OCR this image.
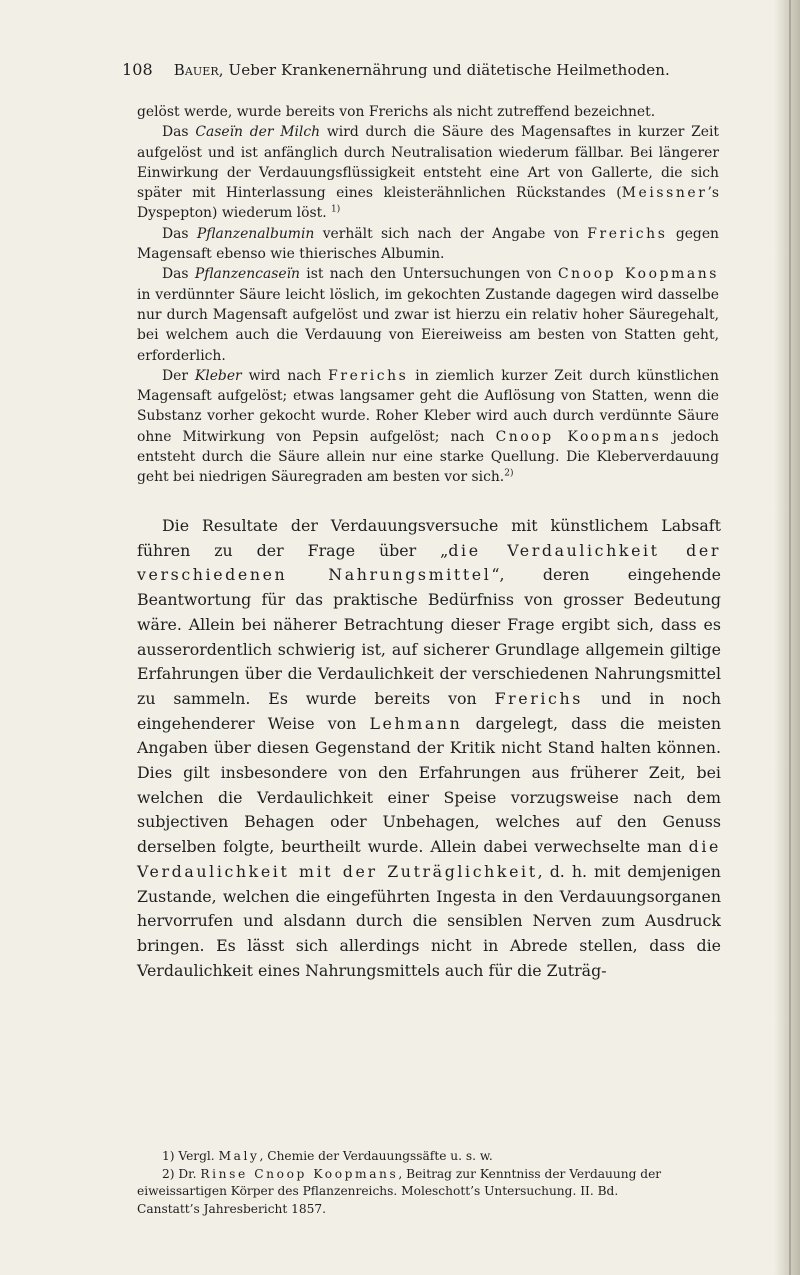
108 Bauer, Ueber Krankenernährung und diätetische Heilmethoden.

gelöst werde, wurde bereits von Frerichs als nicht zutreffend bezeichnet.

Das Caseïn der Milch wird durch die Säure des Magensaftes in kurzer Zeit aufgelöst und ist anfänglich durch Neutralisation wiederum fällbar. Bei längerer Einwirkung der Verdauungsflüssigkeit entsteht eine Art von Gallerte, die sich später mit Hinterlassung eines kleisterähnlichen Rückstandes (Meissner’s Dyspepton) wiederum löst. $^{1)}$

Das Pflanzenalbumin verhält sich nach der Angabe von Frerichs gegen Magensaft ebenso wie thierisches Albumin.

Das Pflanzencaseïn ist nach den Untersuchungen von Cnoop Koopmans in verdünnter Säure leicht löslich, im gekochten Zustande dagegen wird dasselbe nur durch Magensaft aufgelöst und zwar ist hierzu ein relativ hoher Säuregehalt, bei welchem auch die Verdauung von Eiereiweiss am besten von Statten geht, erforderlich.

Der Kleber wird nach Frerichs in ziemlich kurzer Zeit durch künstlichen Magensaft aufgelöst; etwas langsamer geht die Auflösung von Statten, wenn die Substanz vorher gekocht wurde. Roher Kleber wird auch durch verdünnte Säure ohne Mitwirkung von Pepsin aufgelöst; nach Cnoop Koopmans jedoch entsteht durch die Säure allein nur eine starke Quellung. Die Kleberverdauung geht bei niedrigen Säuregraden am besten vor sich.$^{2)}$

Die Resultate der Verdauungsversuche mit künstlichem Labsaft führen zu der Frage über „die Verdaulichkeit der verschiedenen Nahrungsmittel“, deren eingehende Beantwortung für das praktische Bedürfniss von grosser Bedeutung wäre. Allein bei näherer Betrachtung dieser Frage ergibt sich, dass es ausserordentlich schwierig ist, auf sicherer Grundlage allgemein giltige Erfahrungen über die Verdaulichkeit der verschiedenen Nahrungsmittel zu sammeln. Es wurde bereits von Frerichs und in noch eingehenderer Weise von Lehmann dargelegt, dass die meisten Angaben über diesen Gegenstand der Kritik nicht Stand halten können. Dies gilt insbesondere von den Erfahrungen aus früherer Zeit, bei welchen die Verdaulichkeit einer Speise vorzugsweise nach dem subjectiven Behagen oder Unbehagen, welches auf den Genuss derselben folgte, beurtheilt wurde. Allein dabei verwechselte man die Verdaulichkeit mit der Zuträglichkeit, d. h. mit demjenigen Zustande, welchen die eingeführten Ingesta in den Verdauungsorganen hervorrufen und alsdann durch die sensiblen Nerven zum Ausdruck bringen. Es lässt sich allerdings nicht in Abrede stellen, dass die Verdaulichkeit eines Nahrungsmittels auch für die Zuträg-

1) Vergl. Maly, Chemie der Verdauungssäfte u. s. w.

2) Dr. Rinse Cnoop Koopmans, Beitrag zur Kenntniss der Verdauung der eiweissartigen Körper des Pflanzenreichs. Moleschott’s Untersuchung. II. Bd.

Canstatt’s Jahresbericht 1857.
